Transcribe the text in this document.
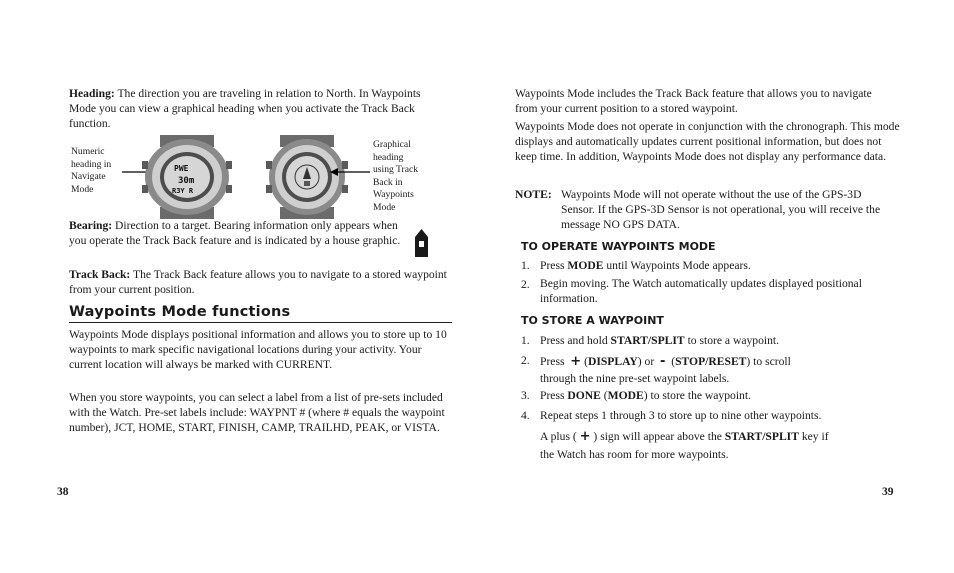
Heading: The direction you are traveling in relation to North. In Waypoints Mode you can view a graphical heading when you activate the Track Back function.

Numeric
heading in
Navigate
Mode
PWE
30m
R3Y R
Graphical
heading
using Track
Back in
Waypoints
Mode

Bearing: Direction to a target. Bearing information only appears when you operate the Track Back feature and is indicated by a house graphic.

Track Back: The Track Back feature allows you to navigate to a stored waypoint from your current position.

Waypoints Mode functions

Waypoints Mode displays positional information and allows you to store up to 10 waypoints to mark specific navigational locations during your activity. Your current location will always be marked with CURRENT.

When you store waypoints, you can select a label from a list of pre-sets included with the Watch. Pre-set labels include: WAYPNT # (where # equals the waypoint number), JCT, HOME, START, FINISH, CAMP, TRAILHD, PEAK, or VISTA.

38

Waypoints Mode includes the Track Back feature that allows you to navigate from your current position to a stored waypoint.

Waypoints Mode does not operate in conjunction with the chronograph. This mode displays and automatically updates current positional information, but does not keep time. In addition, Waypoints Mode does not display any performance data.

NOTE: Waypoints Mode will not operate without the use of the GPS-3D Sensor. If the GPS-3D Sensor is not operational, you will receive the message NO GPS DATA.
TO OPERATE WAYPOINTS MODE
1. Press MODE until Waypoints Mode appears.
2. Begin moving. The Watch automatically updates displayed positional information.
TO STORE A WAYPOINT
1. Press and hold START/SPLIT to store a waypoint.
2. Press  + (DISPLAY) or  -  (STOP/RESET) to scroll
through the nine pre-set waypoint labels.
3. Press DONE (MODE) to store the waypoint.
4. Repeat steps 1 through 3 to store up to nine other waypoints.
A plus ( + ) sign will appear above the START/SPLIT key if
the Watch has room for more waypoints.
39
